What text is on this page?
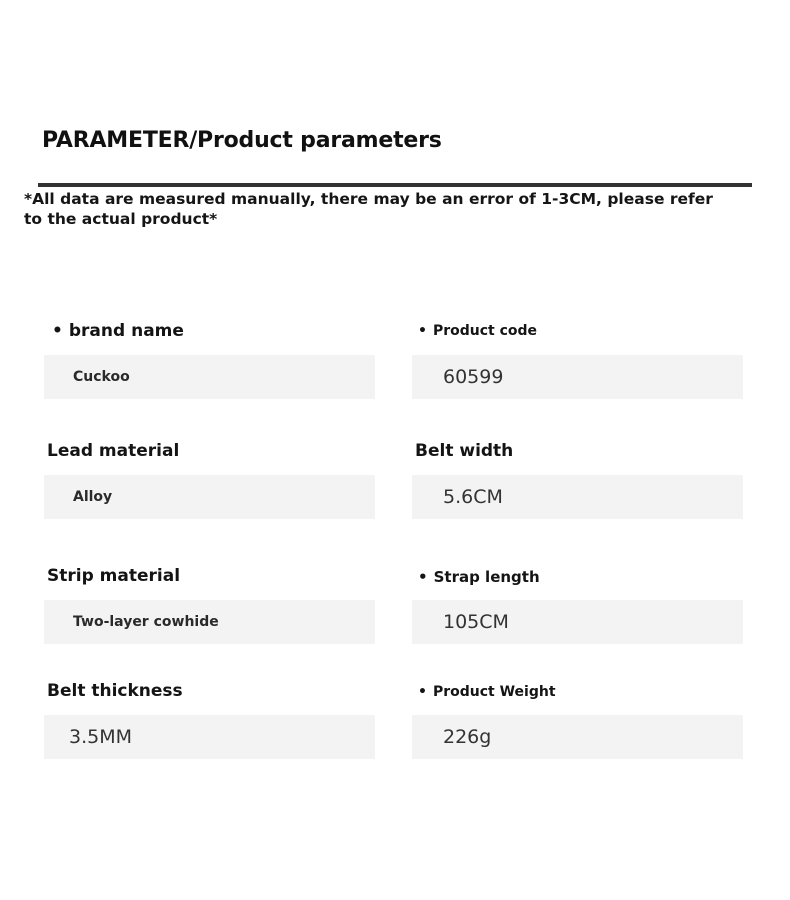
PARAMETER/Product parameters
*All data are measured manually, there may be an error of 1-3CM, please refer to the actual product*
• brand name
Cuckoo
• Product code
60599
Lead material
Alloy
Belt width
5.6CM
Strip material
Two-layer cowhide
• Strap length
105CM
Belt thickness
3.5MM
• Product Weight
226g
